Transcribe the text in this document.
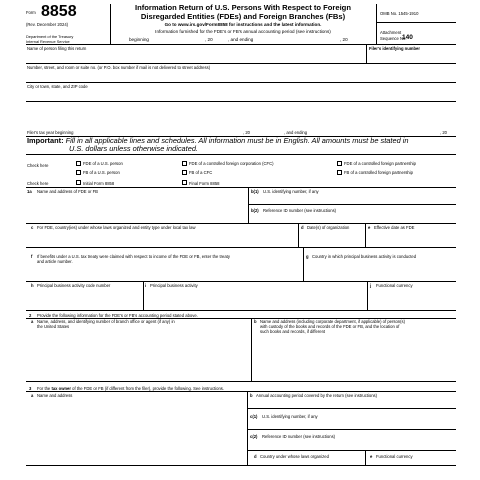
Form 8858
(Rev. December 2024)
Department of the Treasury
Internal Revenue Service
Information Return of U.S. Persons With Respect to Foreign
Disregarded Entities (FDEs) and Foreign Branches (FBs)
Go to www.irs.gov/Form8858 for instructions and the latest information.
Information furnished for the FDE's or FB's annual accounting period (see instructions)
beginning	, 20	, and ending	, 20
OMB No. 1545-1910
Attachment
Sequence No.
140
Name of person filing this return	Filer's identifying number
Number, street, and room or suite no. (or P.O. box number if mail is not delivered to street address)
City or town, state, and ZIP code
Filer's tax year beginning	, 20	, and ending	, 20
Important: Fill in all applicable lines and schedules. All information must be in English. All amounts must be stated in
U.S. dollars unless otherwise indicated.
Check here	FDE of a U.S. person
FB of a U.S. person
FDE of a controlled foreign corporation (CFC)
FB of a CFC
FDE of a controlled foreign partnership
FB of a controlled foreign partnership
Check here	Initial Form 8858	Final Form 8858
1a Name and address of FDE or FB	b(1) U.S. identifying number, if any
b(2) Reference ID number (see instructions)
c For FDE, country(ies) under whose laws organized and entity type under local tax law	d Date(s) of organization	e Effective date as FDE
f If benefits under a U.S. tax treaty were claimed with respect to income of the FDE or FB, enter the treaty
and article number.
g Country in which principal business activity is conducted
h Principal business activity code number	i Principal business activity	j Functional currency
2 Provide the following information for the FDE's or FB's accounting period stated above.
a Name, address, and identifying number of branch office or agent (if any) in
the United States
b Name and address (including corporate department, if applicable) of person(s)
with custody of the books and records of the FDE or FB, and the location of
such books and records, if different
3 For the tax owner of the FDE or FB (if different from the filer), provide the following. See instructions.
a Name and address	b Annual accounting period covered by the return (see instructions)
c(1) U.S. identifying number, if any
c(2) Reference ID number (see instructions)
d Country under whose laws organized	e Functional currency
